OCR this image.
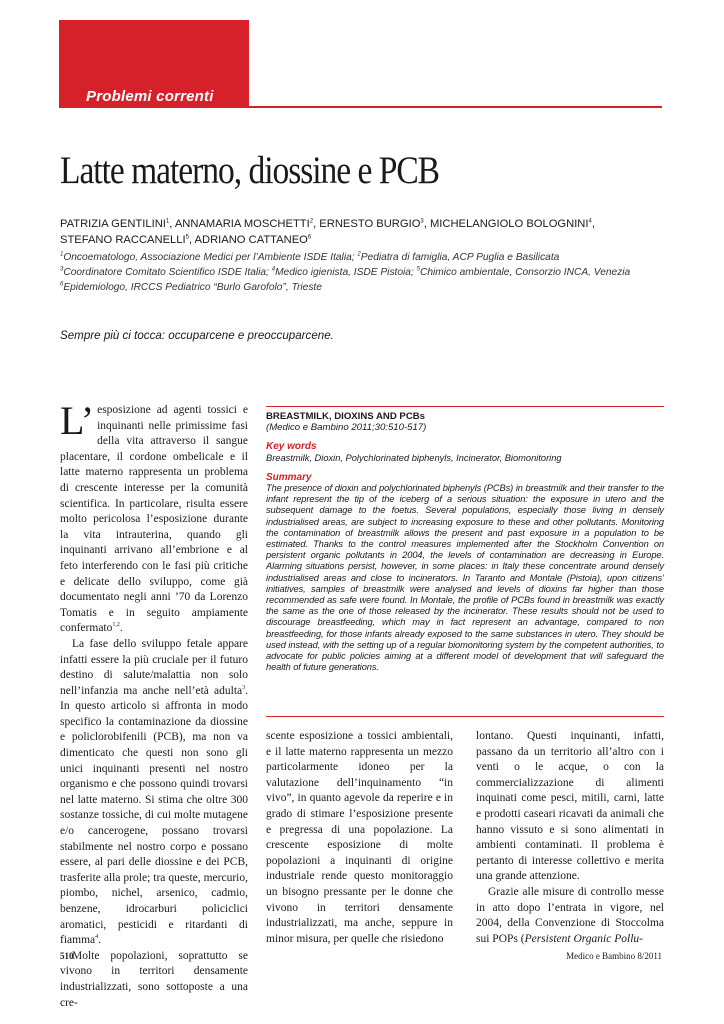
Problemi correnti
Latte materno, diossine e PCB
PATRIZIA GENTILINI$^1$, ANNAMARIA MOSCHETTI$^2$, ERNESTO BURGIO$^3$, MICHELANGIOLO BOLOGNINI$^4$,
STEFANO RACCANELLI$^5$, ADRIANO CATTANEO$^6$
$^1$Oncoematologo, Associazione Medici per l’Ambiente ISDE Italia; $^2$Pediatra di famiglia, ACP Puglia e Basilicata
$^3$Coordinatore Comitato Scientifico ISDE Italia; $^4$Medico igienista, ISDE Pistoia; $^5$Chimico ambientale, Consorzio INCA, Venezia
$^6$Epidemiologo, IRCCS Pediatrico “Burlo Garofolo”, Trieste
Sempre più ci tocca: occuparcene e preoccuparcene.

L’ esposizione ad agenti tossici e inquinanti nelle primissime fasi della vita attraverso il sangue placentare, il cordone ombelicale e il latte materno rappresenta un problema di crescente interesse per la comunità scientifica. In particolare, risulta essere molto pericolosa l’esposizione durante la vita intrauterina, quando gli inquinanti arrivano all’embrione e al feto interferendo con le fasi più critiche e delicate dello sviluppo, come già documentato negli anni ’70 da Lorenzo Tomatis e in seguito ampiamente confermato$^{1,2}$.

La fase dello sviluppo fetale appare infatti essere la più cruciale per il futuro destino di salute/malattia non solo nell’infanzia ma anche nell’età adulta$^3$. In questo articolo si affronta in modo specifico la contaminazione da diossine e policlorobifenili (PCB), ma non va dimenticato che questi non sono gli unici inquinanti presenti nel nostro organismo e che possono quindi trovarsi nel latte materno. Si stima che oltre 300 sostanze tossiche, di cui molte mutagene e/o cancerogene, possano trovarsi stabilmente nel nostro corpo e possano essere, al pari delle diossine e dei PCB, trasferite alla prole; tra queste, mercurio, piombo, nichel, arsenico, cadmio, benzene, idrocarburi policiclici aromatici, pesticidi e ritardanti di fiamma$^4$.

Molte popolazioni, soprattutto se vivono in territori densamente industrializzati, sono sottoposte a una cre-

BREASTMILK, DIOXINS AND PCBs
(Medico e Bambino 2011;30:510-517)
Key words
Breastmilk, Dioxin, Polychlorinated biphenyls, Incinerator, Biomonitoring
Summary
The presence of dioxin and polychlorinated biphenyls (PCBs) in breastmilk and their transfer to the infant represent the tip of the iceberg of a serious situation: the exposure in utero and the subsequent damage to the foetus. Several populations, especially those living in densely industrialised areas, are subject to increasing exposure to these and other pollutants. Monitoring the contamination of breastmilk allows the present and past exposure in a population to be estimated. Thanks to the control measures implemented after the Stockholm Convention on persistent organic pollutants in 2004, the levels of contamination are decreasing in Europe. Alarming situations persist, however, in some places: in Italy these concentrate around densely industrialised areas and close to incinerators. In Taranto and Montale (Pistoia), upon citizens’ initiatives, samples of breastmilk were analysed and levels of dioxins far higher than those recommended as safe were found. In Montale, the profile of PCBs found in breastmilk was exactly the same as the one of those released by the incinerator. These results should not be used to discourage breastfeeding, which may in fact represent an advantage, compared to non breastfeeding, for those infants already exposed to the same substances in utero. They should be used instead, with the setting up of a regular biomonitoring system by the competent authorities, to advocate for public policies aiming at a different model of development that will safeguard the health of future generations.

scente esposizione a tossici ambientali, e il latte materno rappresenta un mezzo particolarmente idoneo per la valutazione dell’inquinamento “in vivo”, in quanto agevole da reperire e in grado di stimare l’esposizione presente e pregressa di una popolazione. La crescente esposizione di molte popolazioni a inquinanti di origine industriale rende questo monitoraggio un bisogno pressante per le donne che vivono in territori densamente industrializzati, ma anche, seppure in minor misura, per quelle che risiedono

lontano. Questi inquinanti, infatti, passano da un territorio all’altro con i venti o le acque, o con la commercializzazione di alimenti inquinati come pesci, mitili, carni, latte e prodotti caseari ricavati da animali che hanno vissuto e si sono alimentati in ambienti contaminati. Il problema è pertanto di interesse collettivo e merita una grande attenzione.

Grazie alle misure di controllo messe in atto dopo l’entrata in vigore, nel 2004, della Convenzione di Stoccolma sui POPs (Persistent Organic Pollu-

510	Medico e Bambino 8/2011
